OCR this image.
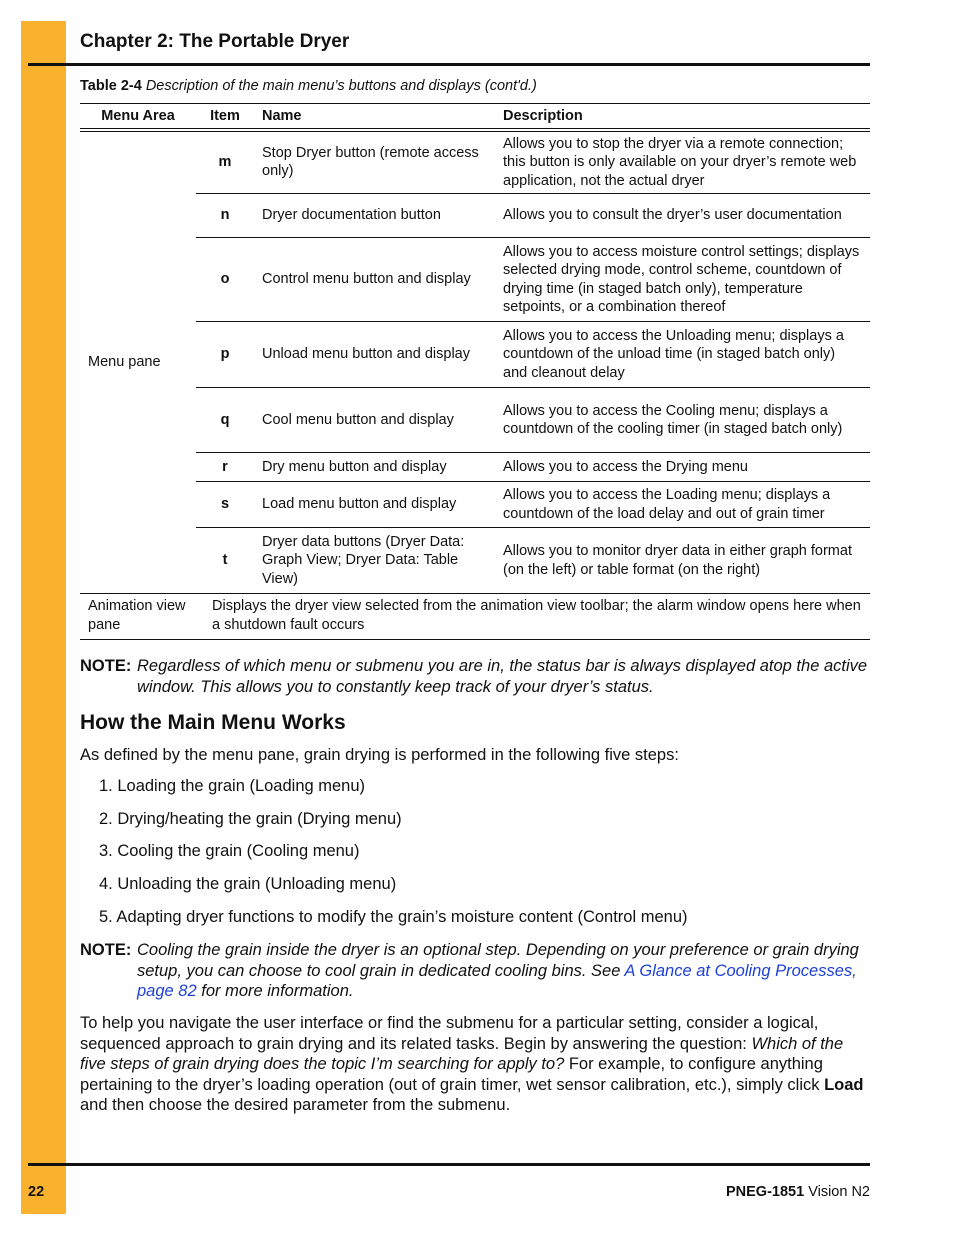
Chapter 2: The Portable Dryer
Table 2-4 Description of the main menu’s buttons and displays (cont'd.)
Menu Area	Item	Name	Description
Menu pane	m	Stop Dryer button (remote access only)	Allows you to stop the dryer via a remote connection; this button is only available on your dryer’s remote web application, not the actual dryer
	n	Dryer documentation button	Allows you to consult the dryer’s user documentation
	o	Control menu button and display	Allows you to access moisture control settings; displays selected drying mode, control scheme, countdown of drying time (in staged batch only), temperature setpoints, or a combination thereof
	p	Unload menu button and display	Allows you to access the Unloading menu; displays a countdown of the unload time (in staged batch only) and cleanout delay
	q	Cool menu button and display	Allows you to access the Cooling menu; displays a countdown of the cooling timer (in staged batch only)
	r	Dry menu button and display	Allows you to access the Drying menu
	s	Load menu button and display	Allows you to access the Loading menu; displays a countdown of the load delay and out of grain timer
	t	Dryer data buttons (Dryer Data: Graph View; Dryer Data: Table View)	Allows you to monitor dryer data in either graph format (on the left) or table format (on the right)
Animation view pane	Displays the dryer view selected from the animation view toolbar; the alarm window opens here when a shutdown fault occurs		
NOTE: Regardless of which menu or submenu you are in, the status bar is always displayed atop the active window. This allows you to constantly keep track of your dryer’s status.
How the Main Menu Works
As defined by the menu pane, grain drying is performed in the following five steps:
1. Loading the grain (Loading menu)
2. Drying/heating the grain (Drying menu)
3. Cooling the grain (Cooling menu)
4. Unloading the grain (Unloading menu)
5. Adapting dryer functions to modify the grain’s moisture content (Control menu)
NOTE: Cooling the grain inside the dryer is an optional step. Depending on your preference or grain drying setup, you can choose to cool grain in dedicated cooling bins. See A Glance at Cooling Processes, page 82 for more information.
To help you navigate the user interface or find the submenu for a particular setting, consider a logical, sequenced approach to grain drying and its related tasks. Begin by answering the question: Which of the five steps of grain drying does the topic I’m searching for apply to? For example, to configure anything pertaining to the dryer’s loading operation (out of grain timer, wet sensor calibration, etc.), simply click Load and then choose the desired parameter from the submenu.
22	PNEG-1851 Vision N2
